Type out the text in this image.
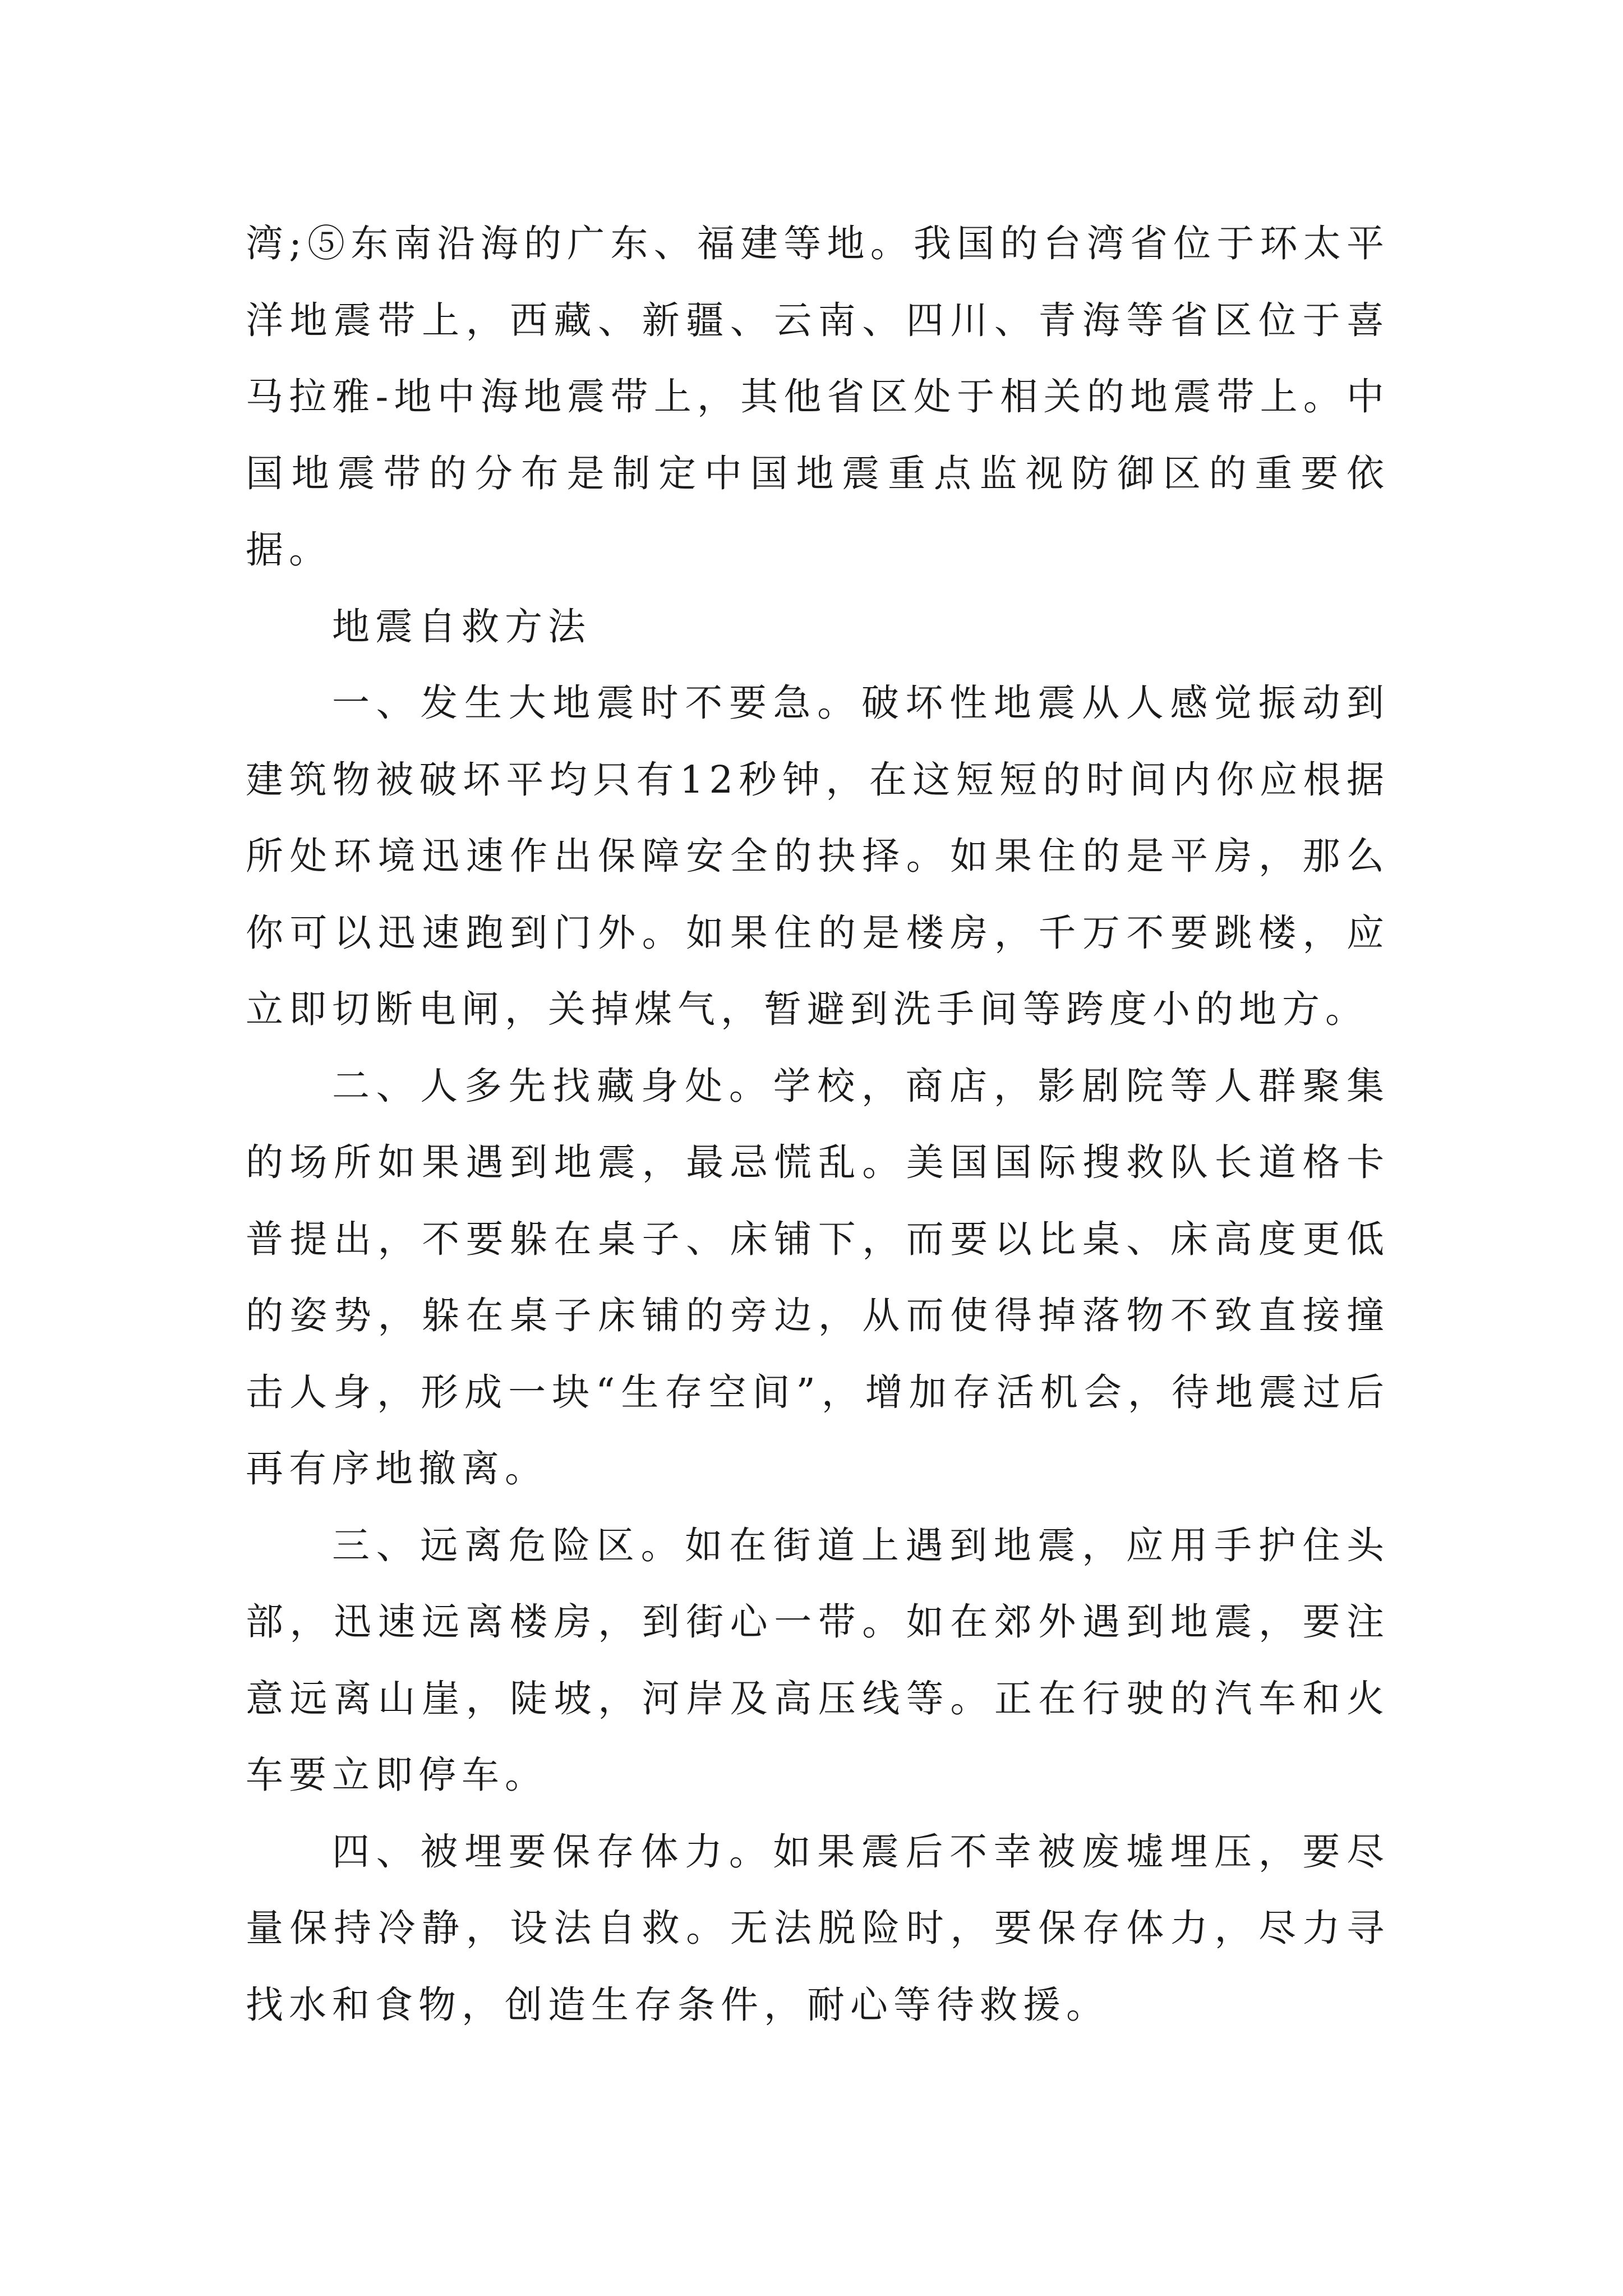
湾;⑤东南沿海的广东、福建等地。我国的台湾省位于环太平洋地震带上，西藏、新疆、云南、四川、青海等省区位于喜马拉雅-地中海地震带上，其他省区处于相关的地震带上。中国地震带的分布是制定中国地震重点监视防御区的重要依据。

地震自救方法

一、发生大地震时不要急。破坏性地震从人感觉振动到建筑物被破坏平均只有12秒钟，在这短短的时间内你应根据所处环境迅速作出保障安全的抉择。如果住的是平房，那么你可以迅速跑到门外。如果住的是楼房，千万不要跳楼，应立即切断电闸，关掉煤气，暂避到洗手间等跨度小的地方。

二、人多先找藏身处。学校，商店，影剧院等人群聚集的场所如果遇到地震，最忌慌乱。美国国际搜救队长道格卡普提出，不要躲在桌子、床铺下，而要以比桌、床高度更低的姿势，躲在桌子床铺的旁边，从而使得掉落物不致直接撞击人身，形成一块“生存空间”，增加存活机会，待地震过后再有序地撤离。

三、远离危险区。如在街道上遇到地震，应用手护住头部，迅速远离楼房，到街心一带。如在郊外遇到地震，要注意远离山崖，陡坡，河岸及高压线等。正在行驶的汽车和火车要立即停车。

四、被埋要保存体力。如果震后不幸被废墟埋压，要尽量保持冷静，设法自救。无法脱险时，要保存体力，尽力寻找水和食物，创造生存条件，耐心等待救援。
